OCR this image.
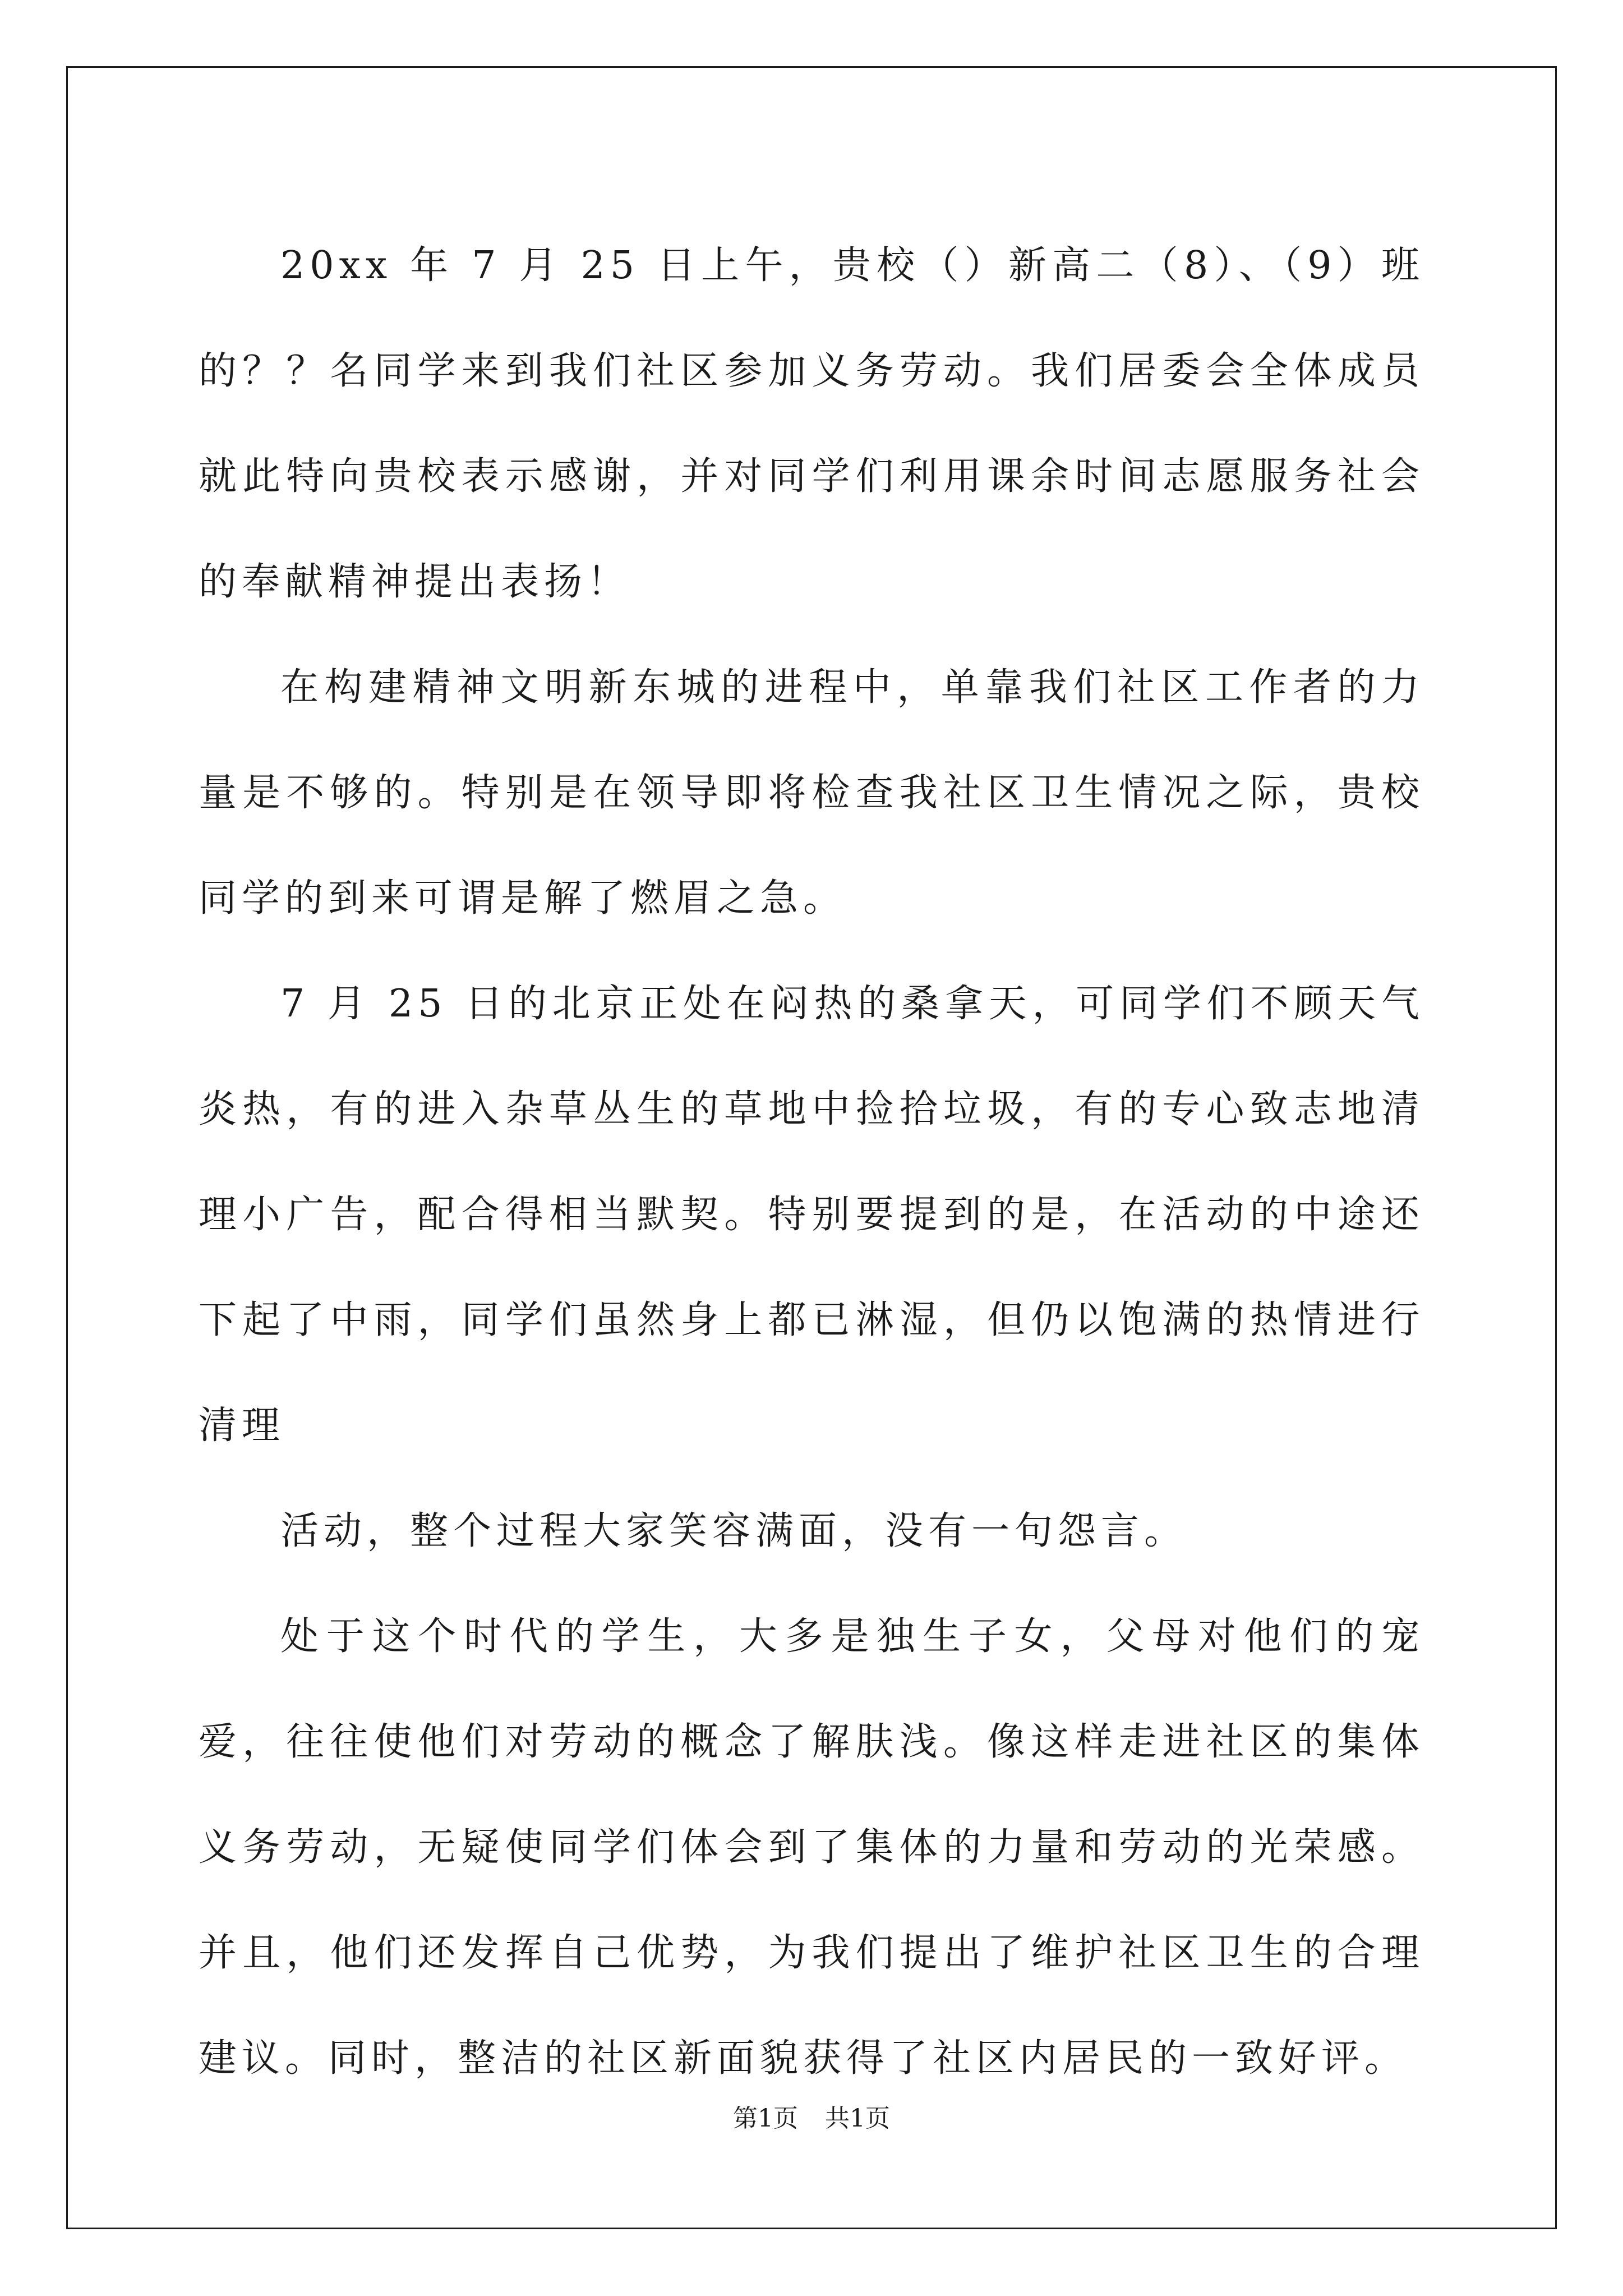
20xx 年 7 月 25 日上午，贵校（）新高二（8）、（9）班的？？名同学来到我们社区参加义务劳动。我们居委会全体成员就此特向贵校表示感谢，并对同学们利用课余时间志愿服务社会的奉献精神提出表扬！

在构建精神文明新东城的进程中，单靠我们社区工作者的力量是不够的。特别是在领导即将检查我社区卫生情况之际，贵校同学的到来可谓是解了燃眉之急。

7 月 25 日的北京正处在闷热的桑拿天，可同学们不顾天气炎热，有的进入杂草丛生的草地中捡拾垃圾，有的专心致志地清理小广告，配合得相当默契。特别要提到的是，在活动的中途还下起了中雨，同学们虽然身上都已淋湿，但仍以饱满的热情进行清理

活动，整个过程大家笑容满面，没有一句怨言。

处于这个时代的学生，大多是独生子女，父母对他们的宠爱，往往使他们对劳动的概念了解肤浅。像这样走进社区的集体义务劳动，无疑使同学们体会到了集体的力量和劳动的光荣感。并且，他们还发挥自己优势，为我们提出了维护社区卫生的合理建议。同时，整洁的社区新面貌获得了社区内居民的一致好评。

第1页 共1页
